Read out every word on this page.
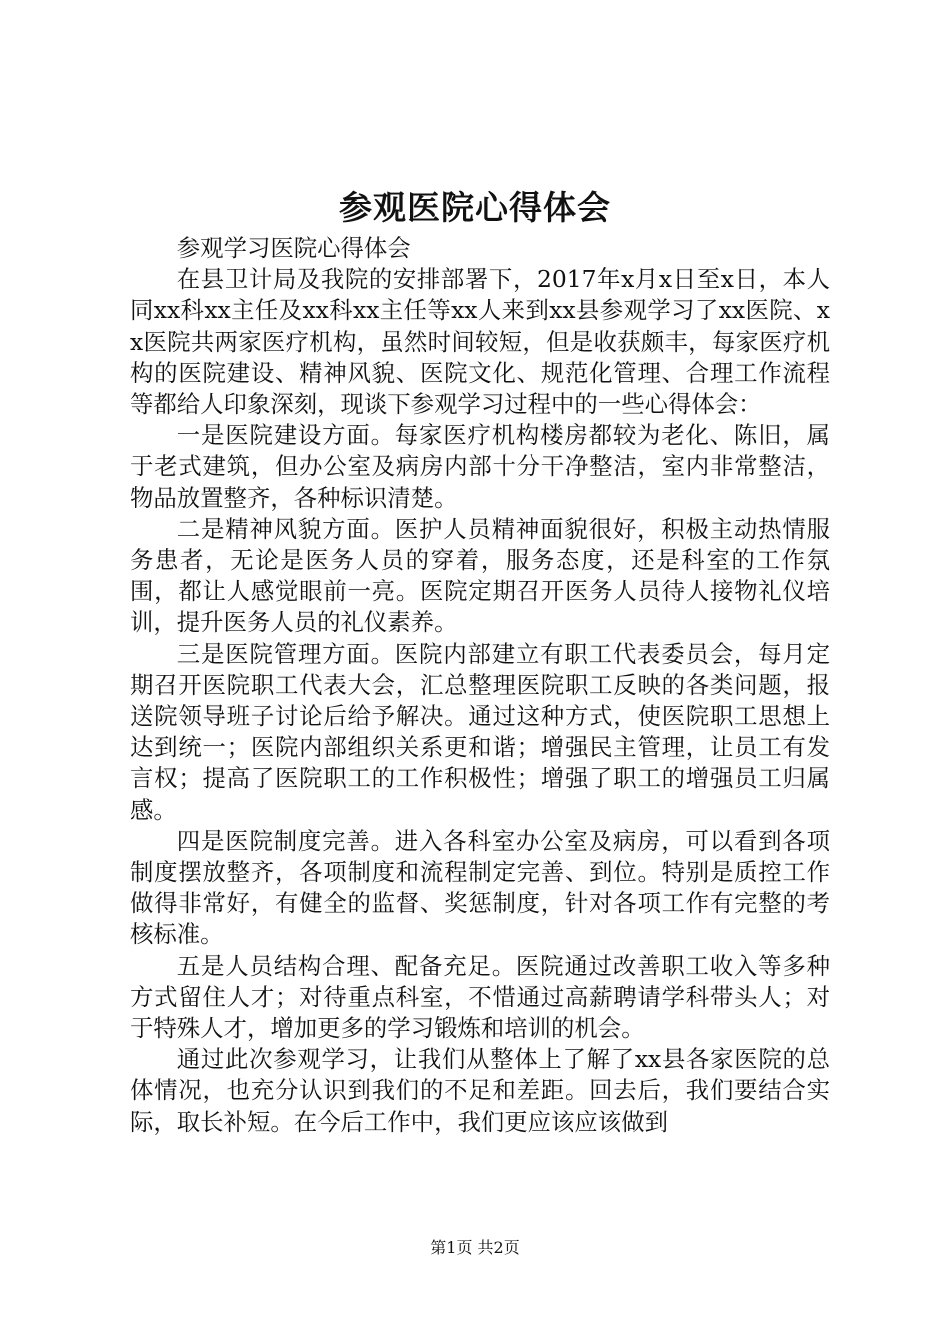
参观医院心得体会

参观学习医院心得体会

在县卫计局及我院的安排部署下，2017年x月x日至x日，本人同xx科xx主任及xx科xx主任等xx人来到xx县参观学习了xx医院、xx医院共两家医疗机构，虽然时间较短，但是收获颇丰，每家医疗机构的医院建设、精神风貌、医院文化、规范化管理、合理工作流程等都给人印象深刻，现谈下参观学习过程中的一些心得体会：

一是医院建设方面。每家医疗机构楼房都较为老化、陈旧，属于老式建筑，但办公室及病房内部十分干净整洁，室内非常整洁，物品放置整齐，各种标识清楚。

二是精神风貌方面。医护人员精神面貌很好，积极主动热情服务患者，无论是医务人员的穿着，服务态度，还是科室的工作氛围，都让人感觉眼前一亮。医院定期召开医务人员待人接物礼仪培训，提升医务人员的礼仪素养。

三是医院管理方面。医院内部建立有职工代表委员会，每月定期召开医院职工代表大会，汇总整理医院职工反映的各类问题，报送院领导班子讨论后给予解决。通过这种方式，使医院职工思想上达到统一；医院内部组织关系更和谐；增强民主管理，让员工有发言权；提高了医院职工的工作积极性；增强了职工的增强员工归属感。

四是医院制度完善。进入各科室办公室及病房，可以看到各项制度摆放整齐，各项制度和流程制定完善、到位。特别是质控工作做得非常好，有健全的监督、奖惩制度，针对各项工作有完整的考核标准。

五是人员结构合理、配备充足。医院通过改善职工收入等多种方式留住人才；对待重点科室，不惜通过高薪聘请学科带头人；对于特殊人才，增加更多的学习锻炼和培训的机会。

通过此次参观学习，让我们从整体上了解了xx县各家医院的总体情况，也充分认识到我们的不足和差距。回去后，我们要结合实际，取长补短。在今后工作中，我们更应该应该做到

第1页 共2页
